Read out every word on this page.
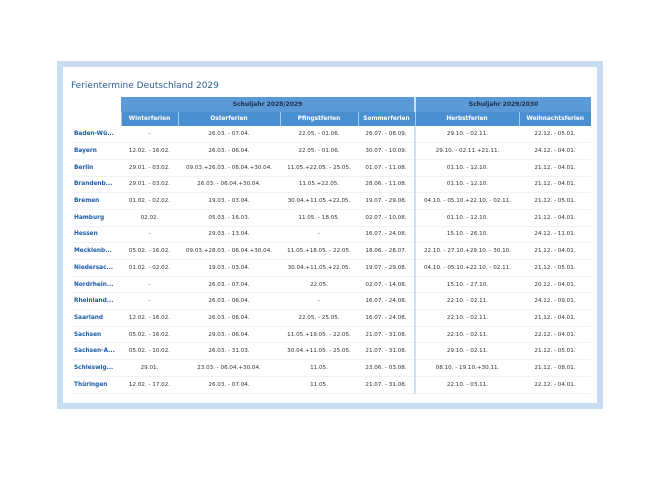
Ferientermine Deutschland 2029
	Schuljahr 2028/2029				Schuljahr 2029/2030	
	Winterferien	Osterferien	Pfingstferien	Sommerferien	Herbstferien	Weihnachtsferien
Baden-Wü...	-	26.03. - 07.04.	22.05. - 01.06.	26.07. - 08.09.	29.10. - 02.11.	22.12. - 05.01.
Bayern	12.02. - 16.02.	26.03. - 06.04.	22.05. - 01.06.	30.07. - 10.09.	29.10. - 02.11.+21.11.	24.12. - 04.01.
Berlin	29.01. - 03.02.	09.03.+26.03. - 06.04.+30.04.	11.05.+22.05. - 25.05.	01.07. - 11.08.	01.10. - 12.10.	21.12. - 04.01.
Brandenb...	29.01. - 03.02.	26.03. - 06.04.+30.04.	11.05.+22.05.	28.06. - 11.08.	01.10. - 12.10.	21.12. - 04.01.
Bremen	01.02. - 02.02.	19.03. - 03.04.	30.04.+11.05.+22.05.	19.07. - 29.08.	04.10. - 05.10.+22.10. - 02.11.	21.12. - 05.01.
Hamburg	02.02.	05.03. - 16.03.	11.05. - 18.05.	02.07. - 10.08.	01.10. - 12.10.	21.12. - 04.01.
Hessen	-	29.03. - 13.04.	-	16.07. - 24.08.	15.10. - 26.10.	24.12. - 11.01.
Mecklenb...	05.02. - 16.02.	09.03.+28.03. - 06.04.+30.04.	11.05.+18.05. - 22.05.	18.06. - 28.07.	22.10. - 27.10.+29.10. - 30.10.	21.12. - 04.01.
Niedersac...	01.02. - 02.02.	19.03. - 03.04.	30.04.+11.05.+22.05.	19.07. - 29.08.	04.10. - 05.10.+22.10. - 02.11.	21.12. - 05.01.
Nordrhein...	-	26.03. - 07.04.	22.05.	02.07. - 14.08.	15.10. - 27.10.	20.12. - 04.01.
Rheinland...	-	26.03. - 06.04.	-	16.07. - 24.08.	22.10. - 02.11.	24.12. - 09.01.
Saarland	12.02. - 16.02.	26.03. - 06.04.	22.05. - 25.05.	16.07. - 24.08.	22.10. - 02.11.	21.12. - 04.01.
Sachsen	05.02. - 16.02.	29.03. - 06.04.	11.05.+19.05. - 22.05.	21.07. - 31.08.	22.10. - 02.11.	22.12. - 04.01.
Sachsen-A...	05.02. - 10.02.	26.03. - 31.03.	30.04.+11.05. - 25.05.	21.07. - 31.08.	29.10. - 02.11.	21.12. - 05.01.
Schleswig...	29.01.	23.03. - 06.04.+30.04.	11.05.	23.06. - 03.08.	08.10. - 19.10.+30.11.	21.12. - 08.01.
Thüringen	12.02. - 17.02.	26.03. - 07.04.	11.05.	21.07. - 31.08.	22.10. - 03.11.	22.12. - 04.01.
